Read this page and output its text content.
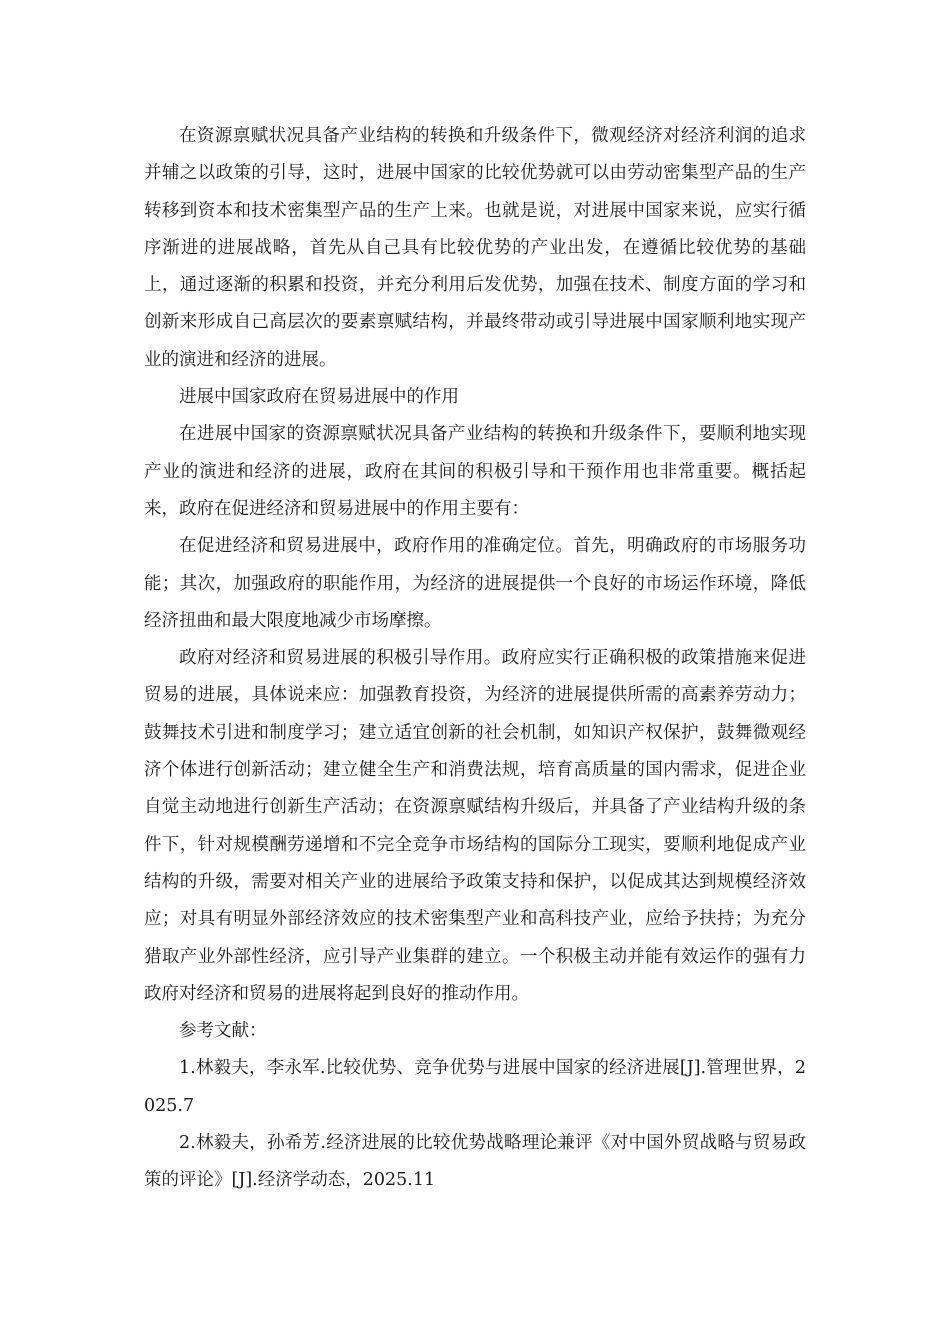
在资源禀赋状况具备产业结构的转换和升级条件下，微观经济对经济利润的追求并辅之以政策的引导，这时，进展中国家的比较优势就可以由劳动密集型产品的生产转移到资本和技术密集型产品的生产上来。也就是说，对进展中国家来说，应实行循序渐进的进展战略，首先从自己具有比较优势的产业出发，在遵循比较优势的基础上，通过逐渐的积累和投资，并充分利用后发优势，加强在技术、制度方面的学习和创新来形成自己高层次的要素禀赋结构，并最终带动或引导进展中国家顺利地实现产业的演进和经济的进展。

进展中国家政府在贸易进展中的作用

在进展中国家的资源禀赋状况具备产业结构的转换和升级条件下，要顺利地实现产业的演进和经济的进展，政府在其间的积极引导和干预作用也非常重要。概括起来，政府在促进经济和贸易进展中的作用主要有：

在促进经济和贸易进展中，政府作用的准确定位。首先，明确政府的市场服务功能；其次，加强政府的职能作用，为经济的进展提供一个良好的市场运作环境，降低经济扭曲和最大限度地减少市场摩擦。

政府对经济和贸易进展的积极引导作用。政府应实行正确积极的政策措施来促进贸易的进展，具体说来应：加强教育投资，为经济的进展提供所需的高素养劳动力；鼓舞技术引进和制度学习；建立适宜创新的社会机制，如知识产权保护，鼓舞微观经济个体进行创新活动；建立健全生产和消费法规，培育高质量的国内需求，促进企业自觉主动地进行创新生产活动；在资源禀赋结构升级后，并具备了产业结构升级的条件下，针对规模酬劳递增和不完全竞争市场结构的国际分工现实，要顺利地促成产业结构的升级，需要对相关产业的进展给予政策支持和保护，以促成其达到规模经济效应；对具有明显外部经济效应的技术密集型产业和高科技产业，应给予扶持；为充分猎取产业外部性经济，应引导产业集群的建立。一个积极主动并能有效运作的强有力政府对经济和贸易的进展将起到良好的推动作用。

参考文献：

1.林毅夫，李永军.比较优势、竞争优势与进展中国家的经济进展[J].管理世界，2025.7

2.林毅夫，孙希芳.经济进展的比较优势战略理论兼评《对中国外贸战略与贸易政策的评论》[J].经济学动态，2025.11
